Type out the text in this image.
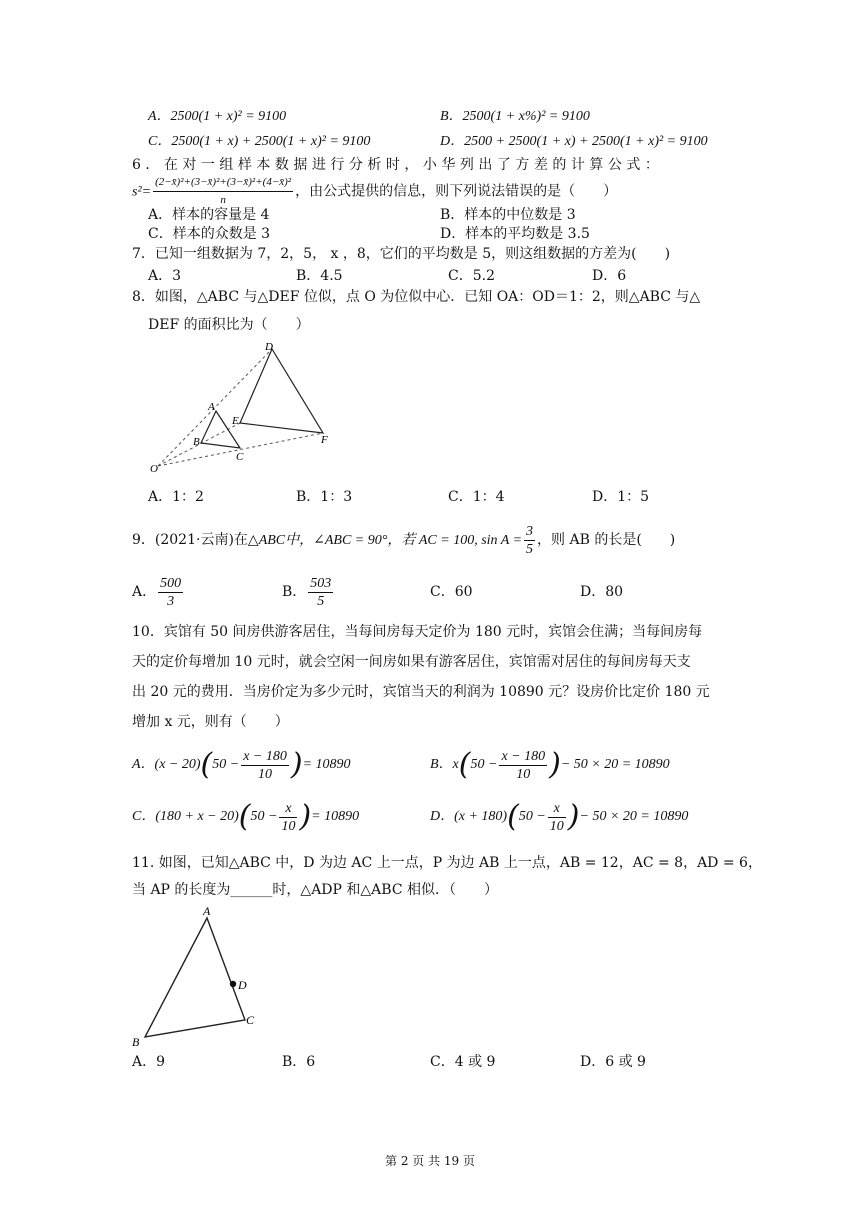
A．2500(1 + x)² = 9100	B．2500(1 + x%)² = 9100
C．2500(1 + x) + 2500(1 + x)² = 9100	D．2500 + 2500(1 + x) + 2500(1 + x)² = 9100
6．在对一组样本数据进行分析时，小华列出了方差的计算公式：
$s^2= \frac{\text{(2−x̄)²+(3−x̄)²+(3−x̄)²+(4−x̄)²}}{n}$ ，由公式提供的信息，则下列说法错误的是（　　）
A．样本的容量是 4	B．样本的中位数是 3
C．样本的众数是 3	D．样本的平均数是 3.5
7．已知一组数据为 7，2，5， x ，8，它们的平均数是 5，则这组数据的方差为(　　)
A．3	B．4.5	C．5.2	D．6
8．如图，△ABC 与△DEF 位似，点 O 为位似中心．已知 OA：OD＝1：2，则△ABC 与△
DEF 的面积比为（　　）
D
A
E
B
C
F
O
A．1：2	B．1：3	C．1：4	D．1：5
9．(2021·云南)在△ABC中，∠ABC = 90°，若 AC = 100, $\sin A = \frac{3}{5}$ ，则 AB 的长是(　　)
A． $\frac{500}{3}$	B． $\frac{503}{5}$	C．60	D．80
10．宾馆有 50 间房供游客居住，当每间房每天定价为 180 元时，宾馆会住满；当每间房每
天的定价每增加 10 元时，就会空闲一间房如果有游客居住，宾馆需对居住的每间房每天支
出 20 元的费用．当房价定为多少元时，宾馆当天的利润为 10890 元？设房价比定价 180 元
增加 x 元，则有（　　）
A．$(x - 20)(50 - \frac{x - 180}{10}$ )= 10890	B．$x(50 - \frac{x - 180}{10}$ )− 50 × 20 = 10890
C．$(180 + x - 20)(50 - \frac{x}{10}$ )= 10890	D．$(x + 180)(50 - \frac{x}{10}$ )− 50 × 20 = 10890
11. 如图，已知△ABC 中，D 为边 AC 上一点，P 为边 AB 上一点，AB = 12，AC = 8，AD = 6，
当 AP 的长度为______时，△ADP 和△ABC 相似．（　　）
A
D
B
C
A．9	B．6	C．4 或 9	D．6 或 9
第 2 页 共 19 页
